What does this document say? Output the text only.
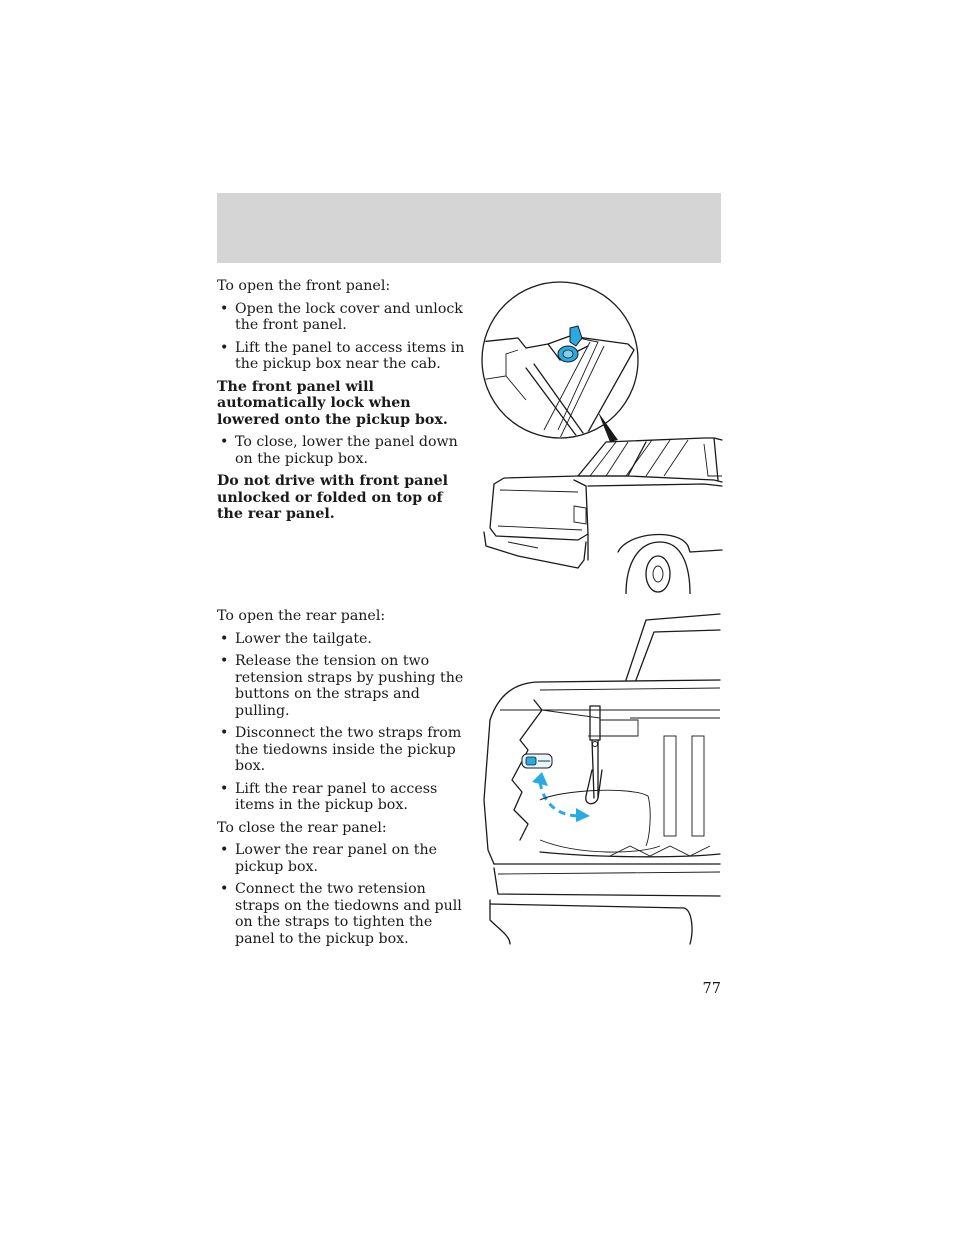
To open the front panel:

• Open the lock cover and unlock the front panel.
• Lift the panel to access items in the pickup box near the cab.

The front panel will automatically lock when lowered onto the pickup box.

• To close, lower the panel down on the pickup box.

Do not drive with front panel unlocked or folded on top of the rear panel.

To open the rear panel:

• Lower the tailgate.
• Release the tension on two retension straps by pushing the buttons on the straps and pulling.
• Disconnect the two straps from the tiedowns inside the pickup box.
• Lift the rear panel to access items in the pickup box.

To close the rear panel:

• Lower the rear panel on the pickup box.
• Connect the two retension straps on the tiedowns and pull on the straps to tighten the panel to the pickup box.
77
